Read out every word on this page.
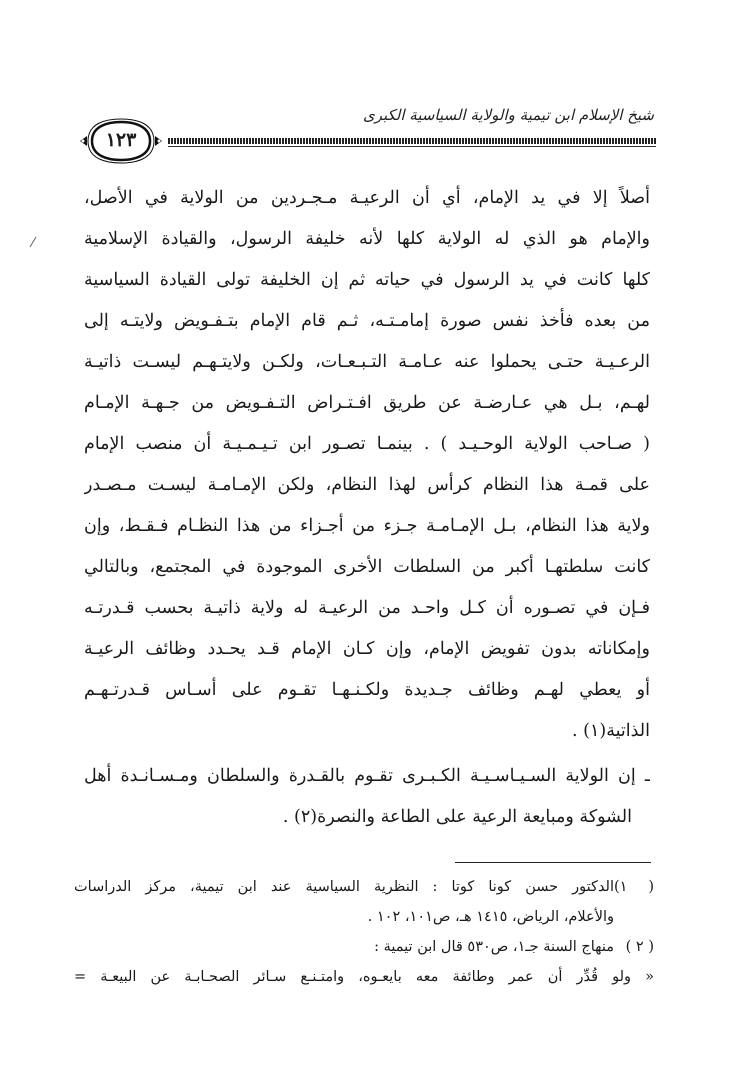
شيخ الإسلام ابن تيمية والولاية السياسية الكبرى
١٢٣
أصلاً إلا في يد الإمام، أي أن الرعيـة مـجـردين من الولاية في الأصل،
والإمام هو الذي له الولاية كلها لأنه خليفة الرسول، والقيادة الإسلامية
كلها كانت في يد الرسول في حياته ثم إن الخليفة تولى القيادة السياسية
من بعده فأخذ نفس صورة إمامـتـه، ثـم قام الإمام بتـفـويض ولايتـه إلى
الرعـيـة حتـى يحملوا عنه عـامـة التـبـعـات، ولكـن ولايتـهـم ليسـت ذاتيـة
لهـم، بـل هي عـارضـة عن طريق افـتـراض التـفـويض من جـهـة الإمـام
( صـاحب الولاية الوحـيـد ) . بينمـا تصـور ابن تـيـمـيـة أن منصب الإمام
على قمـة هذا النظام كرأس لهذا النظام، ولكن الإمـامـة ليسـت مـصـدر
ولاية هذا النظام، بـل الإمـامـة جـزء من أجـزاء من هذا النظـام فـقـط، وإن
كانت سلطتهـا أكبر من السلطات الأخرى الموجودة في المجتمع، وبالتالي
فـإن في تصـوره أن كـل واحـد من الرعيـة له ولاية ذاتيـة بحسب قـدرتـه
وإمكاناته بدون تفويض الإمام، وإن كـان الإمام قـد يحـدد وظائف الرعيـة
أو يعطي لهـم وظائف جـديدة ولكـنـهـا تقـوم على أسـاس قـدرتـهـم
الذاتية(١) .
ـ إن الولاية السـيـاسـيـة الكـبـرى تقـوم بالقـدرة والسلطان ومـسـانـدة أهل
الشوكة ومبايعة الرعية على الطاعة والنصرة(٢) .
( ١)الدكتور حسن كونا كوتا : النظرية السياسية عند ابن تيمية، مركز الدراسات
والأعلام، الرياض، ١٤١٥ هـ، ص١٠١، ١٠٢ .
( ٢ )منهاج السنة جـ١، ص٥٣٠ قال ابن تيمية :
« ولو قُدِّر أن عمر وطائفة معه بايعـوه، وامتـنـع سـائر الصحـابـة عن البيعـة =
